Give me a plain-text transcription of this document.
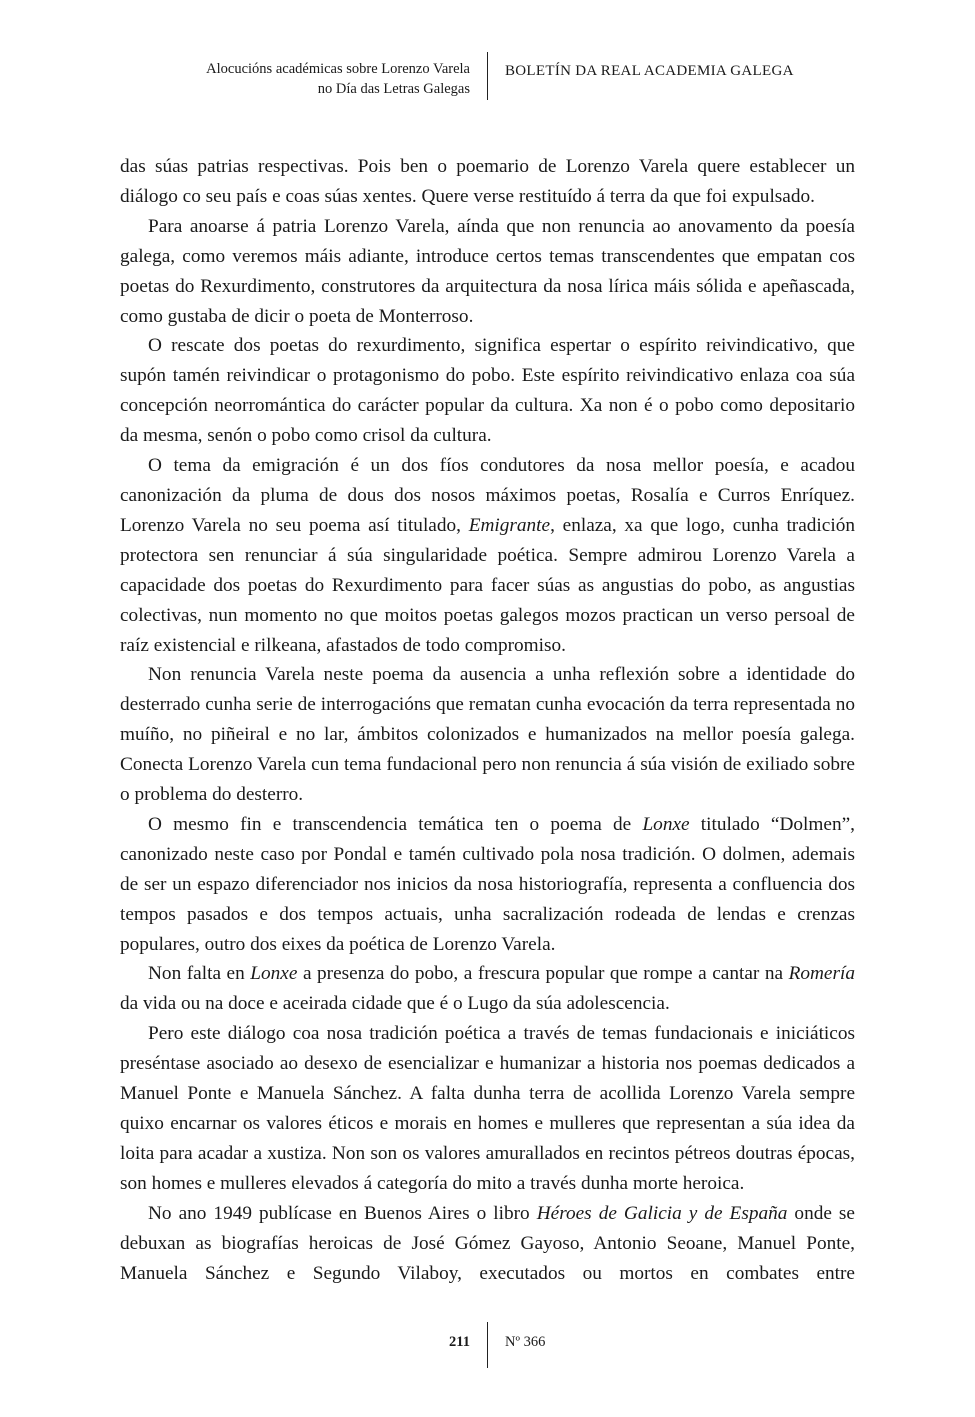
Alocucións académicas sobre Lorenzo Varela
no Día das Letras Galegas
BOLETÍN DA REAL ACADEMIA GALEGA

das súas patrias respectivas. Pois ben o poemario de Lorenzo Varela quere establecer un diálogo co seu país e coas súas xentes. Quere verse restituído á terra da que foi expulsado.

Para anoarse á patria Lorenzo Varela, aínda que non renuncia ao anovamento da poesía galega, como veremos máis adiante, introduce certos temas transcendentes que empatan cos poetas do Rexurdimento, construtores da arquitectura da nosa lírica máis sólida e apeñascada, como gustaba de dicir o poeta de Monterroso.

O rescate dos poetas do rexurdimento, significa espertar o espírito reivindicativo, que supón tamén reivindicar o protagonismo do pobo. Este espírito reivindicativo enlaza coa súa concepción neorromántica do carácter popular da cultura. Xa non é o pobo como depositario da mesma, senón o pobo como crisol da cultura.

O tema da emigración é un dos fíos condutores da nosa mellor poesía, e acadou canonización da pluma de dous dos nosos máximos poetas, Rosalía e Curros Enríquez. Lorenzo Varela no seu poema así titulado, Emigrante, enlaza, xa que logo, cunha tradición protectora sen renunciar á súa singularidade poética. Sempre admirou Lorenzo Varela a capacidade dos poetas do Rexurdimento para facer súas as angustias do pobo, as angustias colectivas, nun momento no que moitos poetas galegos mozos practican un verso persoal de raíz existencial e rilkeana, afastados de todo compromiso.

Non renuncia Varela neste poema da ausencia a unha reflexión sobre a identidade do desterrado cunha serie de interrogacións que rematan cunha evocación da terra representada no muíño, no piñeiral e no lar, ámbitos colonizados e humanizados na mellor poesía galega. Conecta Lorenzo Varela cun tema fundacional pero non renuncia á súa visión de exiliado sobre o problema do desterro.

O mesmo fin e transcendencia temática ten o poema de Lonxe titulado “Dolmen”, canonizado neste caso por Pondal e tamén cultivado pola nosa tradición. O dolmen, ademais de ser un espazo diferenciador nos inicios da nosa historiografía, representa a confluencia dos tempos pasados e dos tempos actuais, unha sacralización rodeada de lendas e crenzas populares, outro dos eixes da poética de Lorenzo Varela.

Non falta en Lonxe a presenza do pobo, a frescura popular que rompe a cantar na Romería da vida ou na doce e aceirada cidade que é o Lugo da súa adolescencia.

Pero este diálogo coa nosa tradición poética a través de temas fundacionais e iniciáticos preséntase asociado ao desexo de esencializar e humanizar a historia nos poemas dedicados a Manuel Ponte e Manuela Sánchez. A falta dunha terra de acollida Lorenzo Varela sempre quixo encarnar os valores éticos e morais en homes e mulleres que representan a súa idea da loita para acadar a xustiza. Non son os valores amurallados en recintos pétreos doutras épocas, son homes e mulleres elevados á categoría do mito a través dunha morte heroica.

No ano 1949 publícase en Buenos Aires o libro Héroes de Galicia y de España onde se debuxan as biografías heroicas de José Gómez Gayoso, Antonio Seoane, Manuel Ponte, Manuela Sánchez e Segundo Vilaboy, executados ou mortos en combates entre

211 Nº 366
